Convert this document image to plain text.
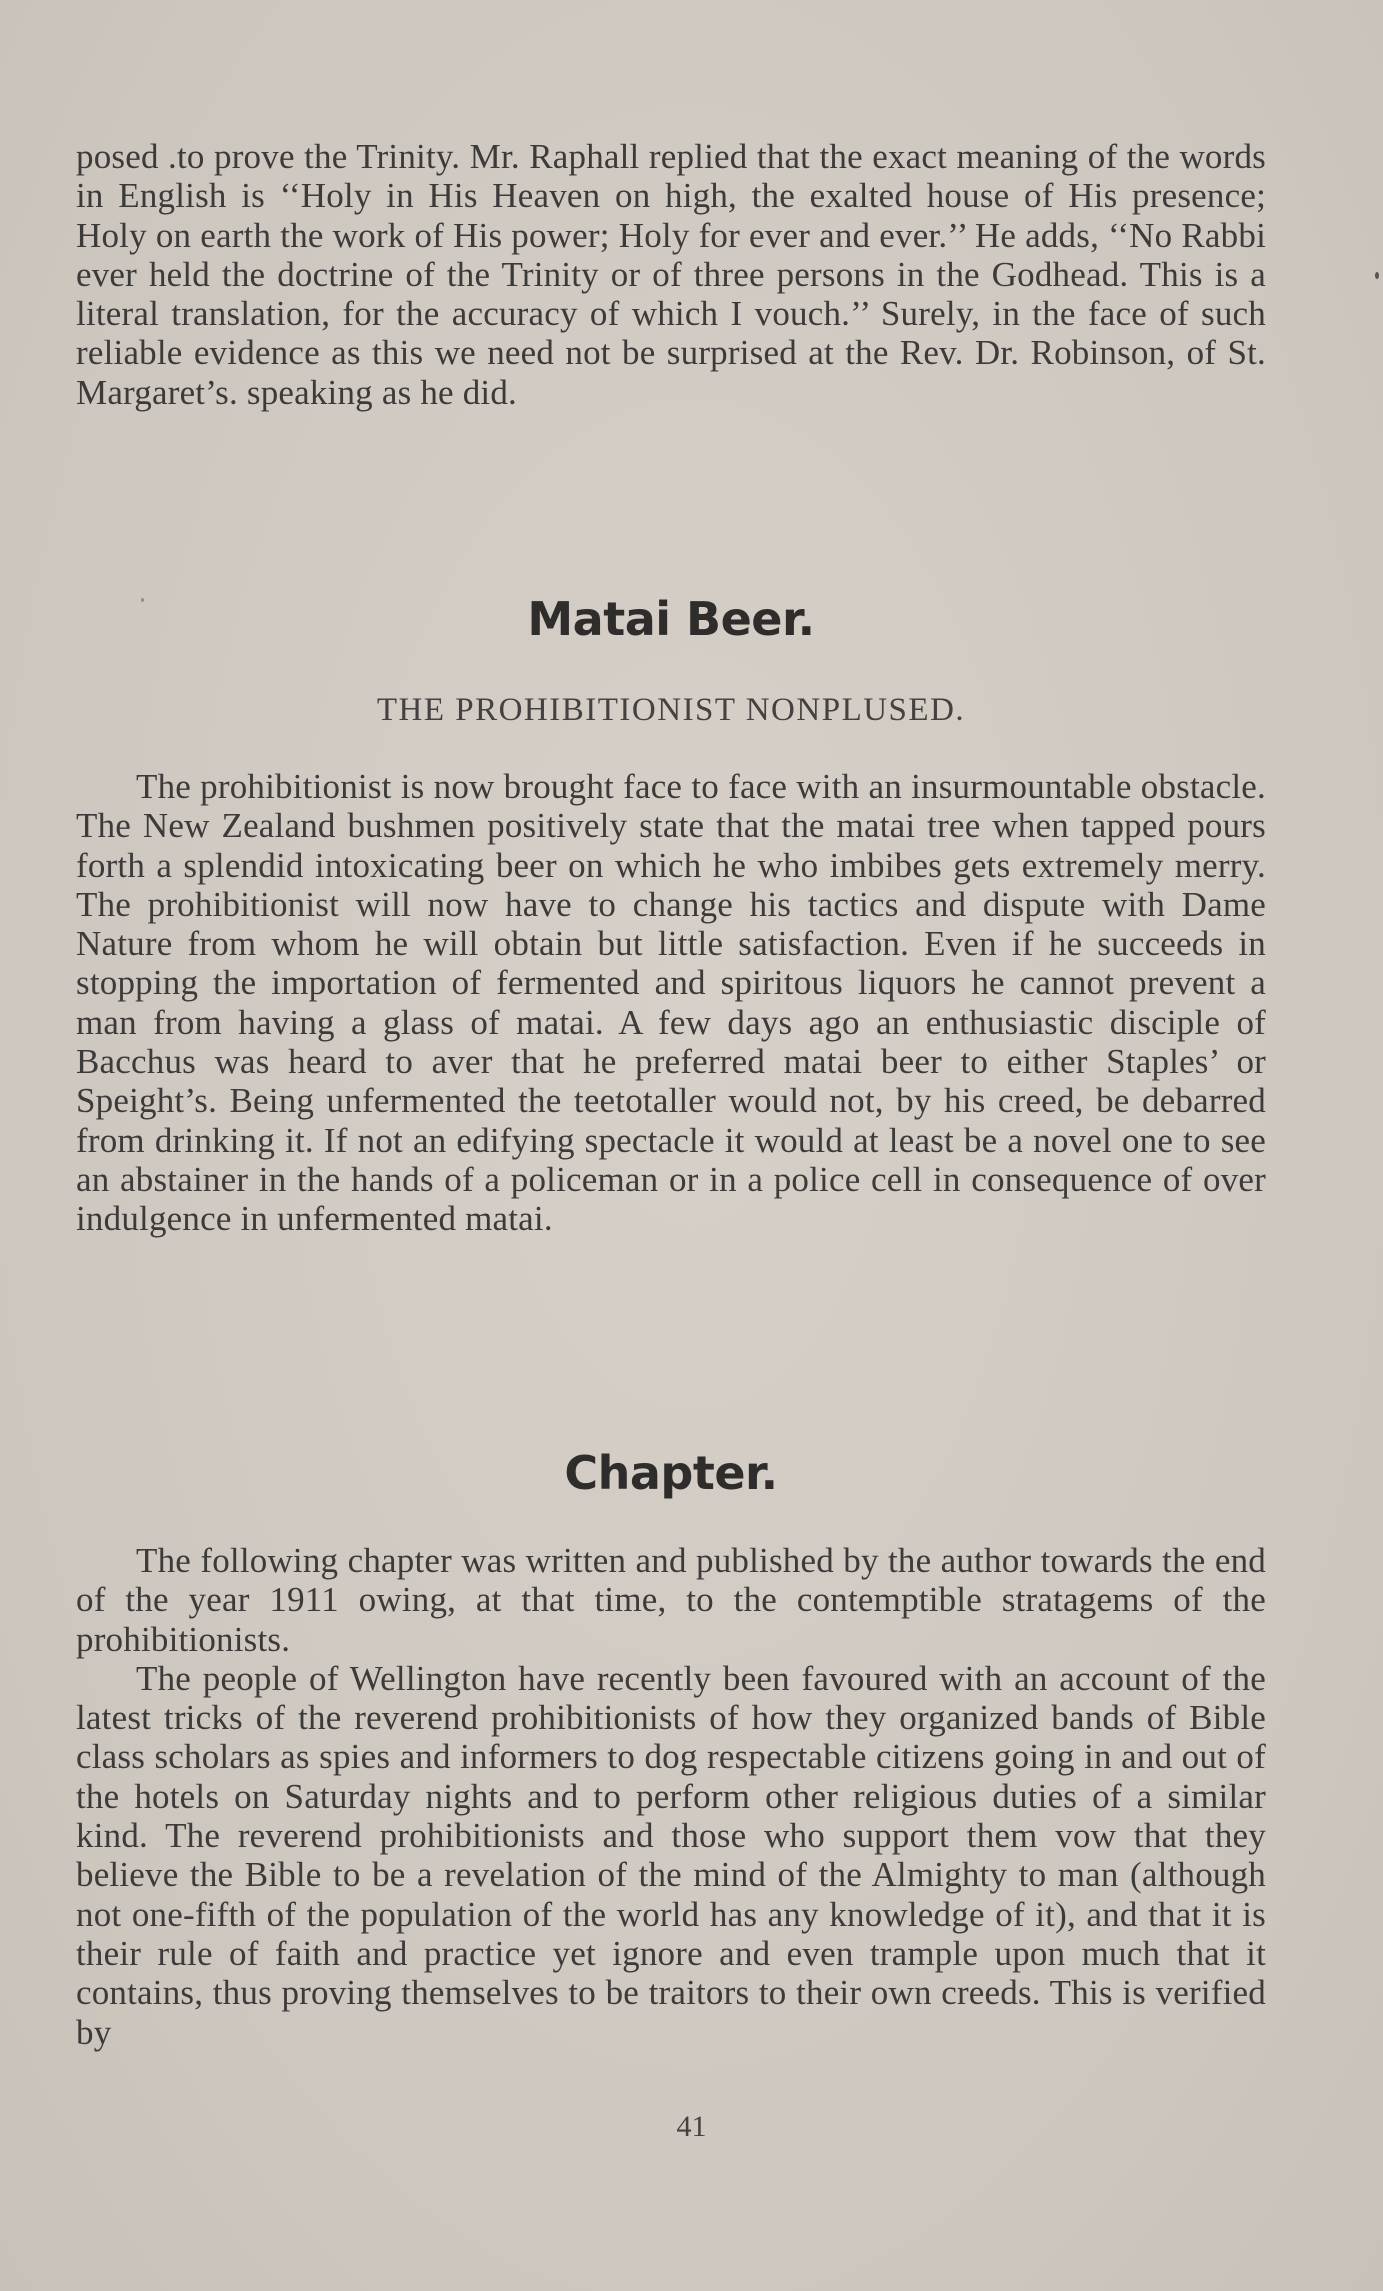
posed .to prove the Trinity. Mr. Raphall replied that the exact meaning of the words in English is ‘‘Holy in His Heaven on high, the exalted house of His presence; Holy on earth the work of His power; Holy for ever and ever.’’ He adds, ‘‘No Rabbi ever held the doctrine of the Trinity or of three persons in the Godhead. This is a literal translation, for the accuracy of which I vouch.’’ Surely, in the face of such reliable evidence as this we need not be surprised at the Rev. Dr. Robinson, of St. Margaret’s. speaking as he did.

Matai Beer.
THE PROHIBITIONIST NONPLUSED.

The prohibitionist is now brought face to face with an insurmountable obstacle. The New Zealand bushmen positively state that the matai tree when tapped pours forth a splendid intoxicating beer on which he who imbibes gets extremely merry. The prohibitionist will now have to change his tactics and dispute with Dame Nature from whom he will obtain but little satisfaction. Even if he succeeds in stopping the importation of fermented and spiritous liquors he cannot prevent a man from having a glass of matai. A few days ago an enthusiastic disciple of Bacchus was heard to aver that he preferred matai beer to either Staples’ or Speight’s. Being unfermented the teetotaller would not, by his creed, be debarred from drinking it. If not an edifying spectacle it would at least be a novel one to see an abstainer in the hands of a policeman or in a police cell in consequence of over indulgence in unfermented matai.

Chapter.

The following chapter was written and published by the author towards the end of the year 1911 owing, at that time, to the contemptible stratagems of the prohibitionists.

The people of Wellington have recently been favoured with an account of the latest tricks of the reverend prohibitionists of how they organized bands of Bible class scholars as spies and informers to dog respectable citizens going in and out of the hotels on Saturday nights and to perform other religious duties of a similar kind. The reverend prohibitionists and those who support them vow that they believe the Bible to be a revelation of the mind of the Almighty to man (although not one-fifth of the population of the world has any knowledge of it), and that it is their rule of faith and practice yet ignore and even trample upon much that it contains, thus proving themselves to be traitors to their own creeds. This is verified by

41
